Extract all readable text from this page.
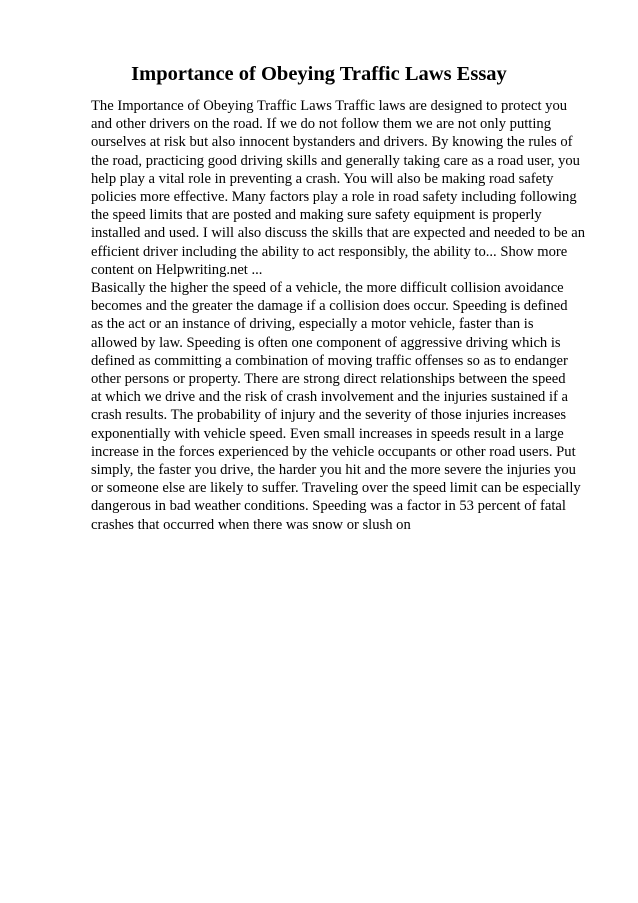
Importance of Obeying Traffic Laws Essay
The Importance of Obeying Traffic Laws Traffic laws are designed to protect you
and other drivers on the road. If we do not follow them we are not only putting
ourselves at risk but also innocent bystanders and drivers. By knowing the rules of
the road, practicing good driving skills and generally taking care as a road user, you
help play a vital role in preventing a crash. You will also be making road safety
policies more effective. Many factors play a role in road safety including following
the speed limits that are posted and making sure safety equipment is properly
installed and used. I will also discuss the skills that are expected and needed to be an
efficient driver including the ability to act responsibly, the ability to... Show more
content on Helpwriting.net ...
Basically the higher the speed of a vehicle, the more difficult collision avoidance
becomes and the greater the damage if a collision does occur. Speeding is defined
as the act or an instance of driving, especially a motor vehicle, faster than is
allowed by law. Speeding is often one component of aggressive driving which is
defined as committing a combination of moving traffic offenses so as to endanger
other persons or property. There are strong direct relationships between the speed
at which we drive and the risk of crash involvement and the injuries sustained if a
crash results. The probability of injury and the severity of those injuries increases
exponentially with vehicle speed. Even small increases in speeds result in a large
increase in the forces experienced by the vehicle occupants or other road users. Put
simply, the faster you drive, the harder you hit and the more severe the injuries you
or someone else are likely to suffer. Traveling over the speed limit can be especially
dangerous in bad weather conditions. Speeding was a factor in 53 percent of fatal
crashes that occurred when there was snow or slush on
